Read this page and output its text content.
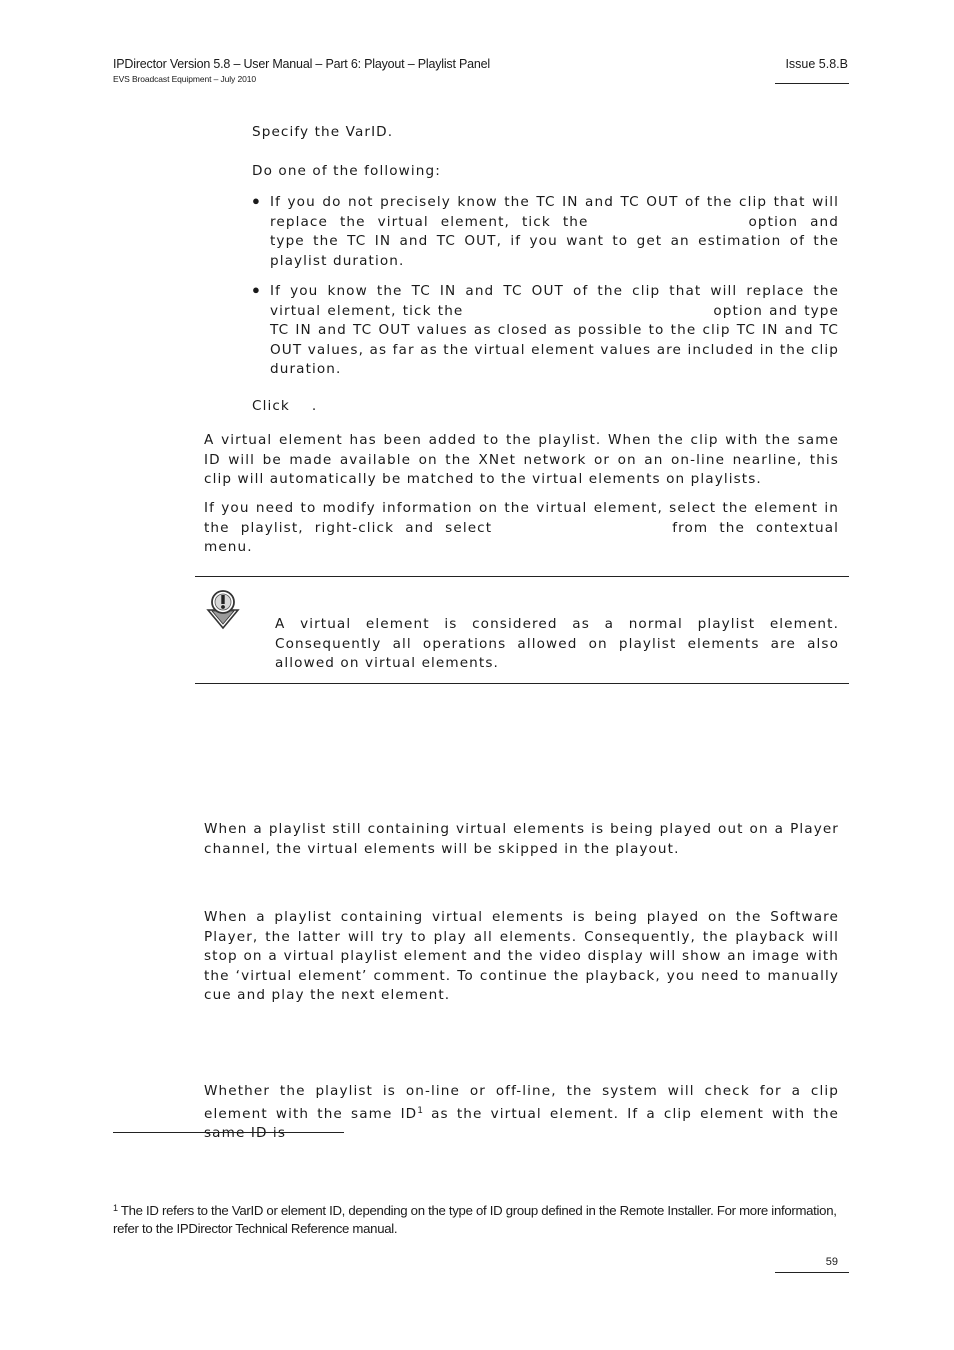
IPDirector Version 5.8 – User Manual – Part 6: Playout – Playlist Panel
EVS Broadcast Equipment – July 2010
Issue 5.8.B
Specify the VarID.
Do one of the following:
● If you do not precisely know the TC IN and TC OUT of the clip that will replace the virtual element, tick the	option and type the TC IN and TC OUT, if you want to get an estimation of the playlist duration.
● If you know the TC IN and TC OUT of the clip that will replace the virtual element, tick the	option and type TC IN and TC OUT values as closed as possible to the clip TC IN and TC OUT values, as far as the virtual element values are included in the clip duration.
Click .
A virtual element has been added to the playlist. When the clip with the same ID will be made available on the XNet network or on an on-line nearline, this clip will automatically be matched to the virtual elements on playlists.
If you need to modify information on the virtual element, select the element in the playlist, right-click and select	from the contextual menu.
A virtual element is considered as a normal playlist element. Consequently all operations allowed on playlist elements are also allowed on virtual elements.
When a playlist still containing virtual elements is being played out on a Player channel, the virtual elements will be skipped in the playout.
When a playlist containing virtual elements is being played on the Software Player, the latter will try to play all elements. Consequently, the playback will stop on a virtual playlist element and the video display will show an image with the ‘virtual element’ comment. To continue the playback, you need to manually cue and play the next element.
Whether the playlist is on-line or off-line, the system will check for a clip element with the same ID$^1$ as the virtual element. If a clip element with the same ID is
$^1$ The ID refers to the VarID or element ID, depending on the type of ID group defined in the Remote Installer. For more information, refer to the IPDirector Technical Reference manual.
59
